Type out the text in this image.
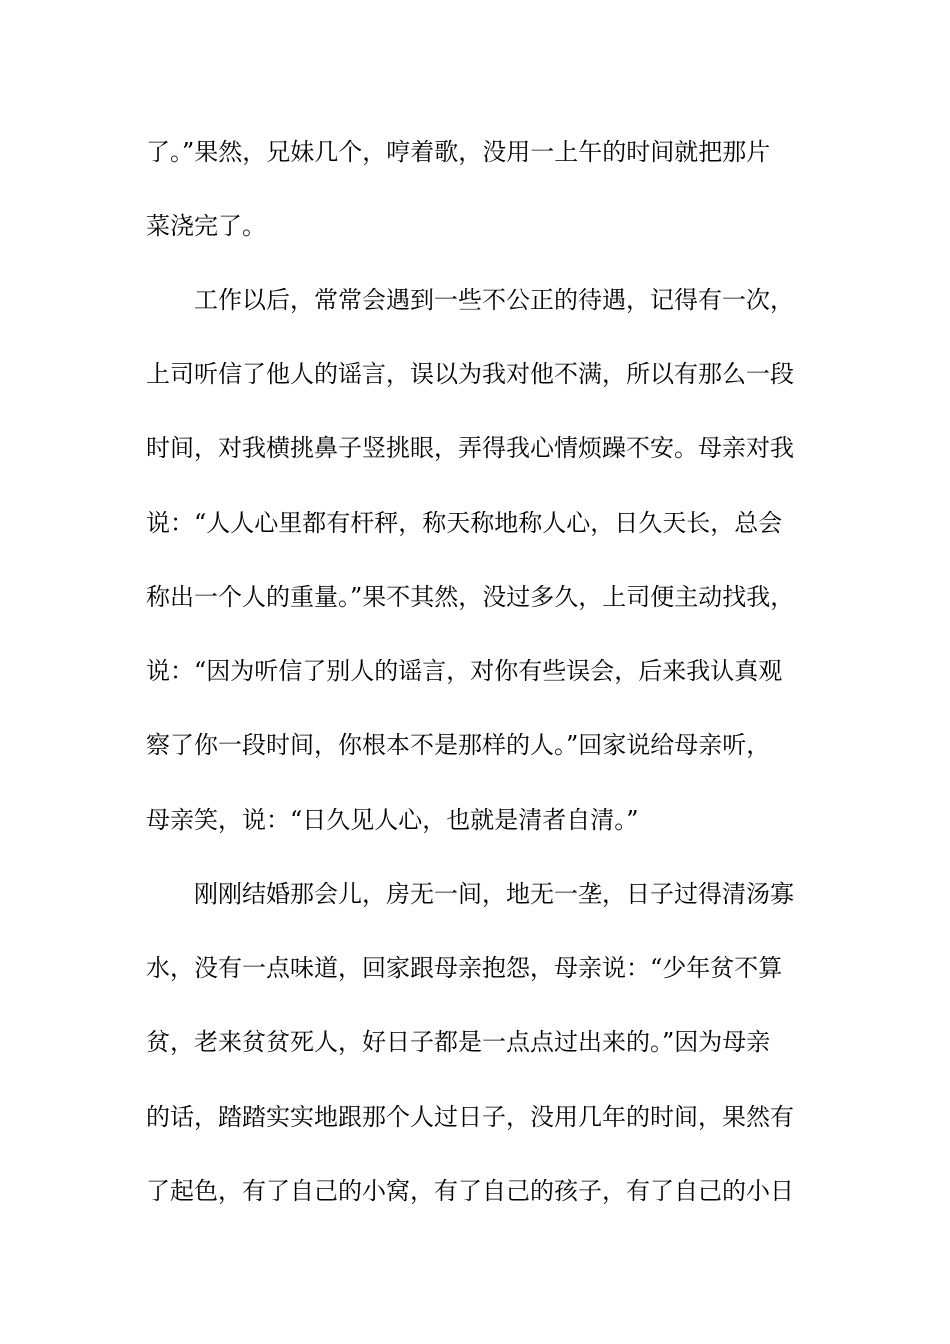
了。”果然，兄妹几个，哼着歌，没用一上午的时间就把那片
菜浇完了。
工作以后，常常会遇到一些不公正的待遇，记得有一次，
上司听信了他人的谣言，误以为我对他不满，所以有那么一段
时间，对我横挑鼻子竖挑眼，弄得我心情烦躁不安。母亲对我
说：“人人心里都有杆秤，称天称地称人心，日久天长，总会
称出一个人的重量。”果不其然，没过多久，上司便主动找我，
说：“因为听信了别人的谣言，对你有些误会，后来我认真观
察了你一段时间，你根本不是那样的人。”回家说给母亲听，
母亲笑，说：“日久见人心，也就是清者自清。”
刚刚结婚那会儿，房无一间，地无一垄，日子过得清汤寡
水，没有一点味道，回家跟母亲抱怨，母亲说：“少年贫不算
贫，老来贫贫死人，好日子都是一点点过出来的。”因为母亲
的话，踏踏实实地跟那个人过日子，没用几年的时间，果然有
了起色，有了自己的小窝，有了自己的孩子，有了自己的小日
